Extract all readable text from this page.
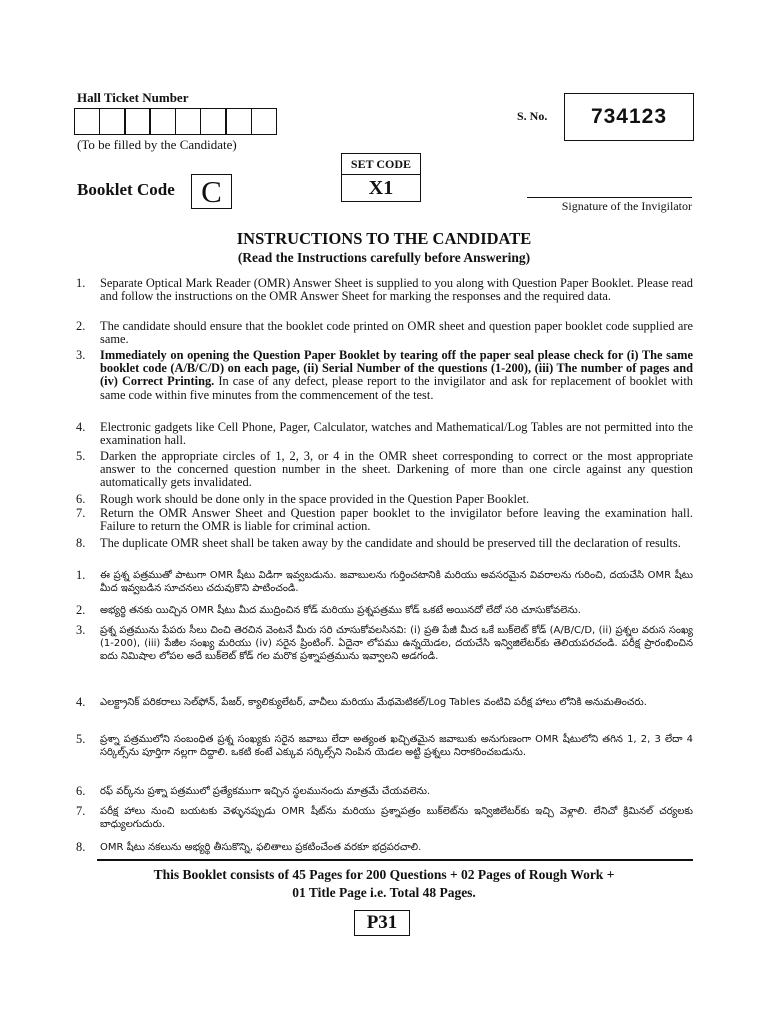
Hall Ticket Number
(To be filled by the Candidate)
S. No. 734123
SET CODE
X1
Booklet Code C	Signature of the Invigilator
INSTRUCTIONS TO THE CANDIDATE
(Read the Instructions carefully before Answering)
1. Separate Optical Mark Reader (OMR) Answer Sheet is supplied to you along with Question Paper Booklet. Please read and follow the instructions on the OMR Answer Sheet for marking the responses and the required data.
2. The candidate should ensure that the booklet code printed on OMR sheet and question paper booklet code supplied are same.
3. Immediately on opening the Question Paper Booklet by tearing off the paper seal please check for (i) The same booklet code (A/B/C/D) on each page, (ii) Serial Number of the questions (1-200), (iii) The number of pages and (iv) Correct Printing. In case of any defect, please report to the invigilator and ask for replacement of booklet with same code within five minutes from the commencement of the test.
4. Electronic gadgets like Cell Phone, Pager, Calculator, watches and Mathematical/Log Tables are not permitted into the examination hall.
5. Darken the appropriate circles of 1, 2, 3, or 4 in the OMR sheet corresponding to correct or the most appropriate answer to the concerned question number in the sheet. Darkening of more than one circle against any question automatically gets invalidated.
6. Rough work should be done only in the space provided in the Question Paper Booklet.
7. Return the OMR Answer Sheet and Question paper booklet to the invigilator before leaving the examination hall. Failure to return the OMR is liable for criminal action.
8. The duplicate OMR sheet shall be taken away by the candidate and should be preserved till the declaration of results.
1. ఈ ప్రశ్న పత్రముతో పాటుగా OMR షీటు విడిగా ఇవ్వబడును. జవాబులను గుర్తించటానికి మరియు అవసరమైన వివరాలను గురించి, దయచేసి OMR షీటు మీద ఇవ్వబడిన సూచనలు చదువుకొని పాటించండి.
2. అభ్యర్థి తనకు యిచ్చిన OMR షీటు మీద ముద్రించిన కోడ్ మరియు ప్రశ్నపత్రము కోడ్ ఒకటే అయినదో లేదో సరి చూసుకోవలెను.
3. ప్రశ్న పత్రమును పేపరు సీలు చించి తెరచిన వెంటనే మీరు సరి చూసుకోవలసినవి: (i) ప్రతి పేజీ మీద ఒకే బుక్‌లెట్ కోడ్ (A/B/C/D, (ii) ప్రశ్నల వరుస సంఖ్య (1-200), (iii) పేజీల సంఖ్య మరియు (iv) సరైన ప్రింటింగ్. ఏదైనా లోపము ఉన్నయెడల, దయచేసి ఇన్విజిలేటర్‌కు తెలియపరచండి. పరీక్ష ప్రారంభించిన ఐదు నిమిషాల లోపల అదే బుక్‌లెట్ కోడ్ గల మరొక ప్రశ్నాపత్రమును ఇవ్వాలని అడగండి.
4. ఎలక్ట్రానిక్ పరికరాలు సెల్‌ఫోన్, పేజర్, క్యాలిక్యులేటర్, వాచీలు మరియు మేథమెటికల్/Log Tables వంటివి పరీక్ష హాలు లోనికి అనుమతించరు.
5. ప్రశ్నా పత్రములోని సంబంధిత ప్రశ్న సంఖ్యకు సరైన జవాబు లేదా అత్యంత ఖచ్చితమైన జవాబుకు అనుగుణంగా OMR షీటులోని తగిన 1, 2, 3 లేదా 4 సర్కిల్స్‌ను పూర్తిగా నల్లగా దిద్దాలి. ఒకటి కంటే ఎక్కువ సర్కిల్స్‌ని నింపిన యెడల అట్టి ప్రశ్నలు నిరాకరించబడును.
6. రఫ్ వర్క్‌ను ప్రశ్నా పత్రములో ప్రత్యేకముగా ఇచ్చిన స్థలమునందు మాత్రమే చేయవలెను.
7. పరీక్ష హాలు నుంచి బయటకు వెళ్ళునప్పుడు OMR షీట్‌ను మరియు ప్రశ్నాపత్రం బుక్‌లెట్‌ను ఇన్విజిలేటర్‌కు ఇచ్చి వెళ్లాలి. లేనిచో క్రిమినల్ చర్యలకు బాధ్యులగుదురు.
8. OMR షీటు నకలును అభ్యర్థి తీసుకొన్ని, ఫలితాలు ప్రకటించేంత వరకూ భద్రపరచాలి.
This Booklet consists of 45 Pages for 200 Questions + 02 Pages of Rough Work +
01 Title Page i.e. Total 48 Pages.
P31
